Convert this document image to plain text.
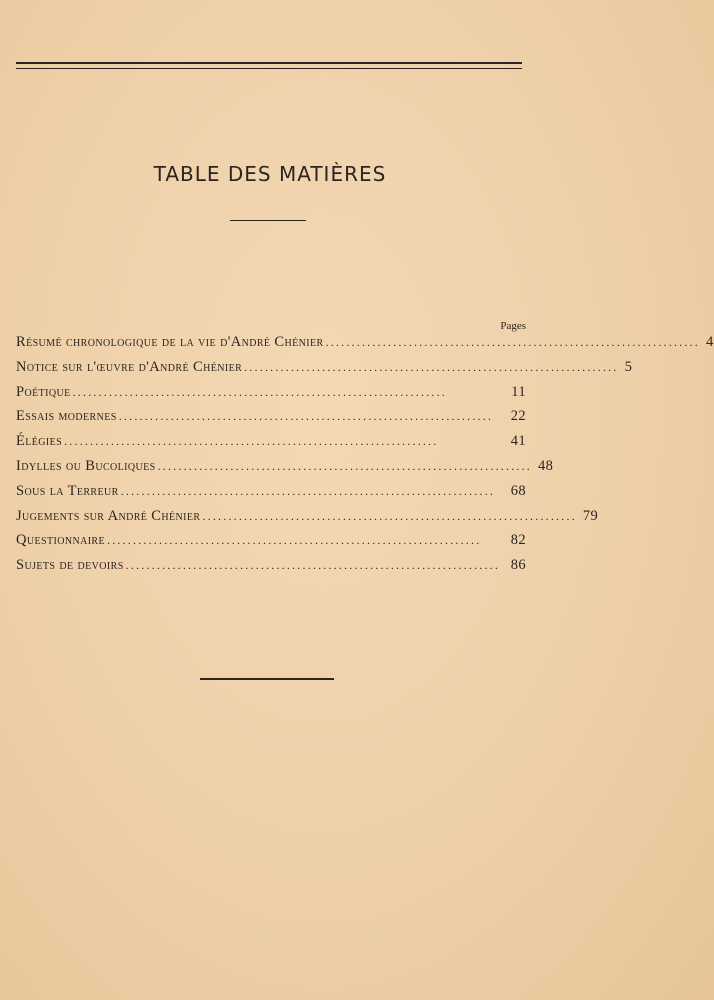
TABLE DES MATIÈRES
Pages
Résumé chronologique de la vie d'André Chénier ........................................................................ 4
Notice sur l'œuvre d'André Chénier ........................................................................ 5
Poétique ........................................................................	11
Essais modernes ........................................................................	22
Élégies ........................................................................	41
Idylles ou Bucoliques ........................................................................ 48
Sous la Terreur ........................................................................	68
Jugements sur André Chénier ........................................................................ 79
Questionnaire ........................................................................	82
Sujets de devoirs ........................................................................ 86
